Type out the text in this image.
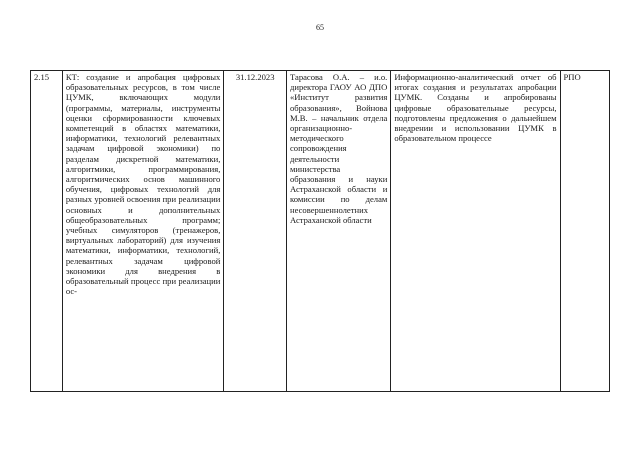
65
2.15	КТ: создание и апробация цифровых образовательных ресурсов, в том числе ЦУМК, включающих модули (программы, материалы, инструменты оценки сформированности ключевых компетенций в областях математики, информатики, технологий релевантных задачам цифровой экономики) по разделам дискретной математики, алгоритмики, программирования, алгоритмических основ машинного обучения, цифровых технологий для разных уровней освоения при реализации основных и дополнительных общеобразовательных программ; учебных симуляторов (тренажеров, виртуальных лабораторий) для изучения математики, информатики, технологий, релевантных задачам цифровой экономики для внедрения в образовательный процесс при реализации ос-	31.12.2023	Тарасова О.А. – и.о. директора ГАОУ АО ДПО «Институт развития образования», Войнова М.В. – начальник отдела организационно-методического сопровождения деятельности министерства образования и науки Астраханской области и комиссии по делам несовершеннолетних Астраханской области	Информационно-аналитический отчет об итогах создания и результатах апробации ЦУМК. Созданы и апробированы цифровые образовательные ресурсы, подготовлены предложения о дальнейшем внедрении и использовании ЦУМК в образовательном процессе	РПО
